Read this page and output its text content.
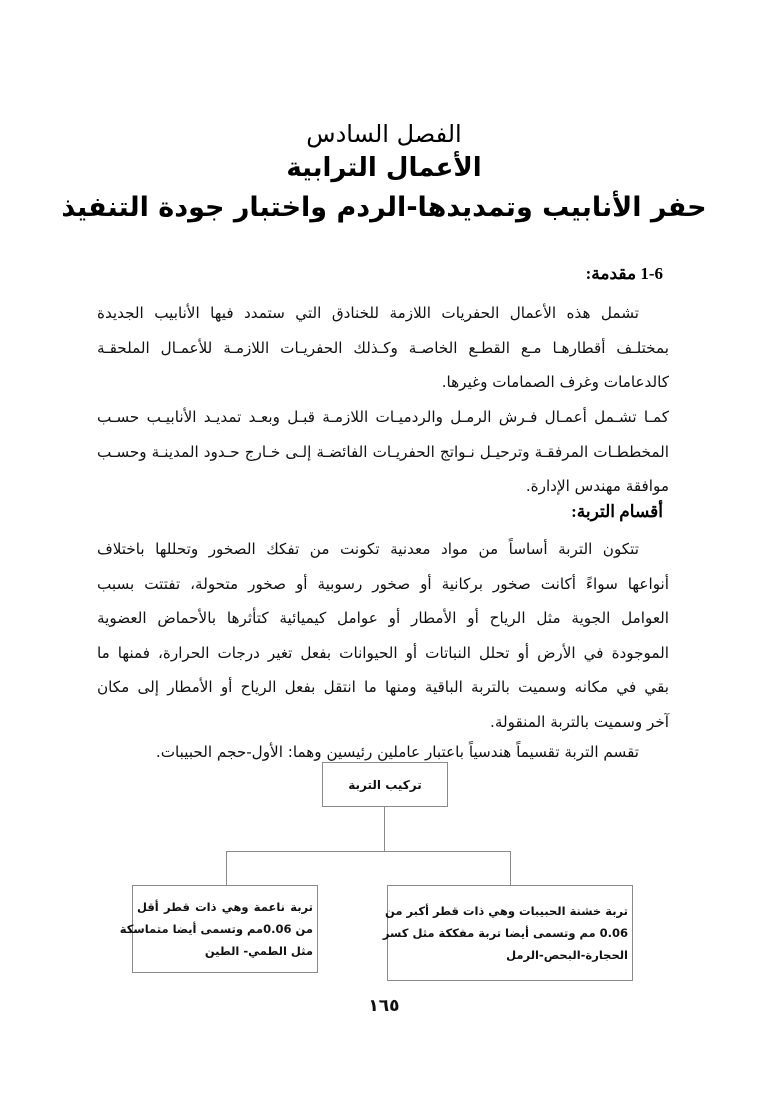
الفصل السادس
الأعمال الترابية
حفر الأنابيب وتمديدها-الردم واختبار جودة التنفيذ
1-6 مقدمة:
تشمل هذه الأعمال الحفريات اللازمة للخنادق التي ستمدد فيها الأنابيب الجديدة
بمختلـف أقطارهـا مـع القطـع الخاصـة وكـذلك الحفريـات اللازمـة للأعمـال الملحقـة
كالدعامات وغرف الصمامات وغيرها.
كمـا تشـمل أعمـال فـرش الرمـل والردميـات اللازمـة قبـل وبعـد تمديـد الأنابيـب حسـب
المخططـات المرفقـة وترحيـل نـواتج الحفريـات الفائضـة إلـى خـارج حـدود المدينـة وحسـب
موافقة مهندس الإدارة.
أقسام التربة:
تتكون التربة أساساً من مواد معدنية تكونت من تفكك الصخور وتحللها باختلاف
أنواعها سواءً أكانت صخور بركانية أو صخور رسوبية أو صخور متحولة، تفتتت بسبب
العوامل الجوية مثل الرياح أو الأمطار أو عوامل كيميائية كتأثرها بالأحماض العضوية
الموجودة في الأرض أو تحلل النباتات أو الحيوانات بفعل تغير درجات الحرارة، فمنها ما
بقي في مكانه وسميت بالتربة الباقية ومنها ما انتقل بفعل الرياح أو الأمطار إلى مكان
آخر وسميت بالتربة المنقولة.
تقسم التربة تقسيماً هندسياً باعتبار عاملين رئيسين وهما: الأول-حجم الحبيبات.
تركيب التربة
تربة ناعمة وهي ذات قطر أقل
من 0.06مم وتسمى أيضا متماسكة
مثل الطمي- الطين
تربة خشنة الحبيبات وهي ذات قطر أكبر من
0.06 مم وتسمى أيضا تربة مفككة مثل كسر
الحجارة-البحص-الرمل
١٦٥
